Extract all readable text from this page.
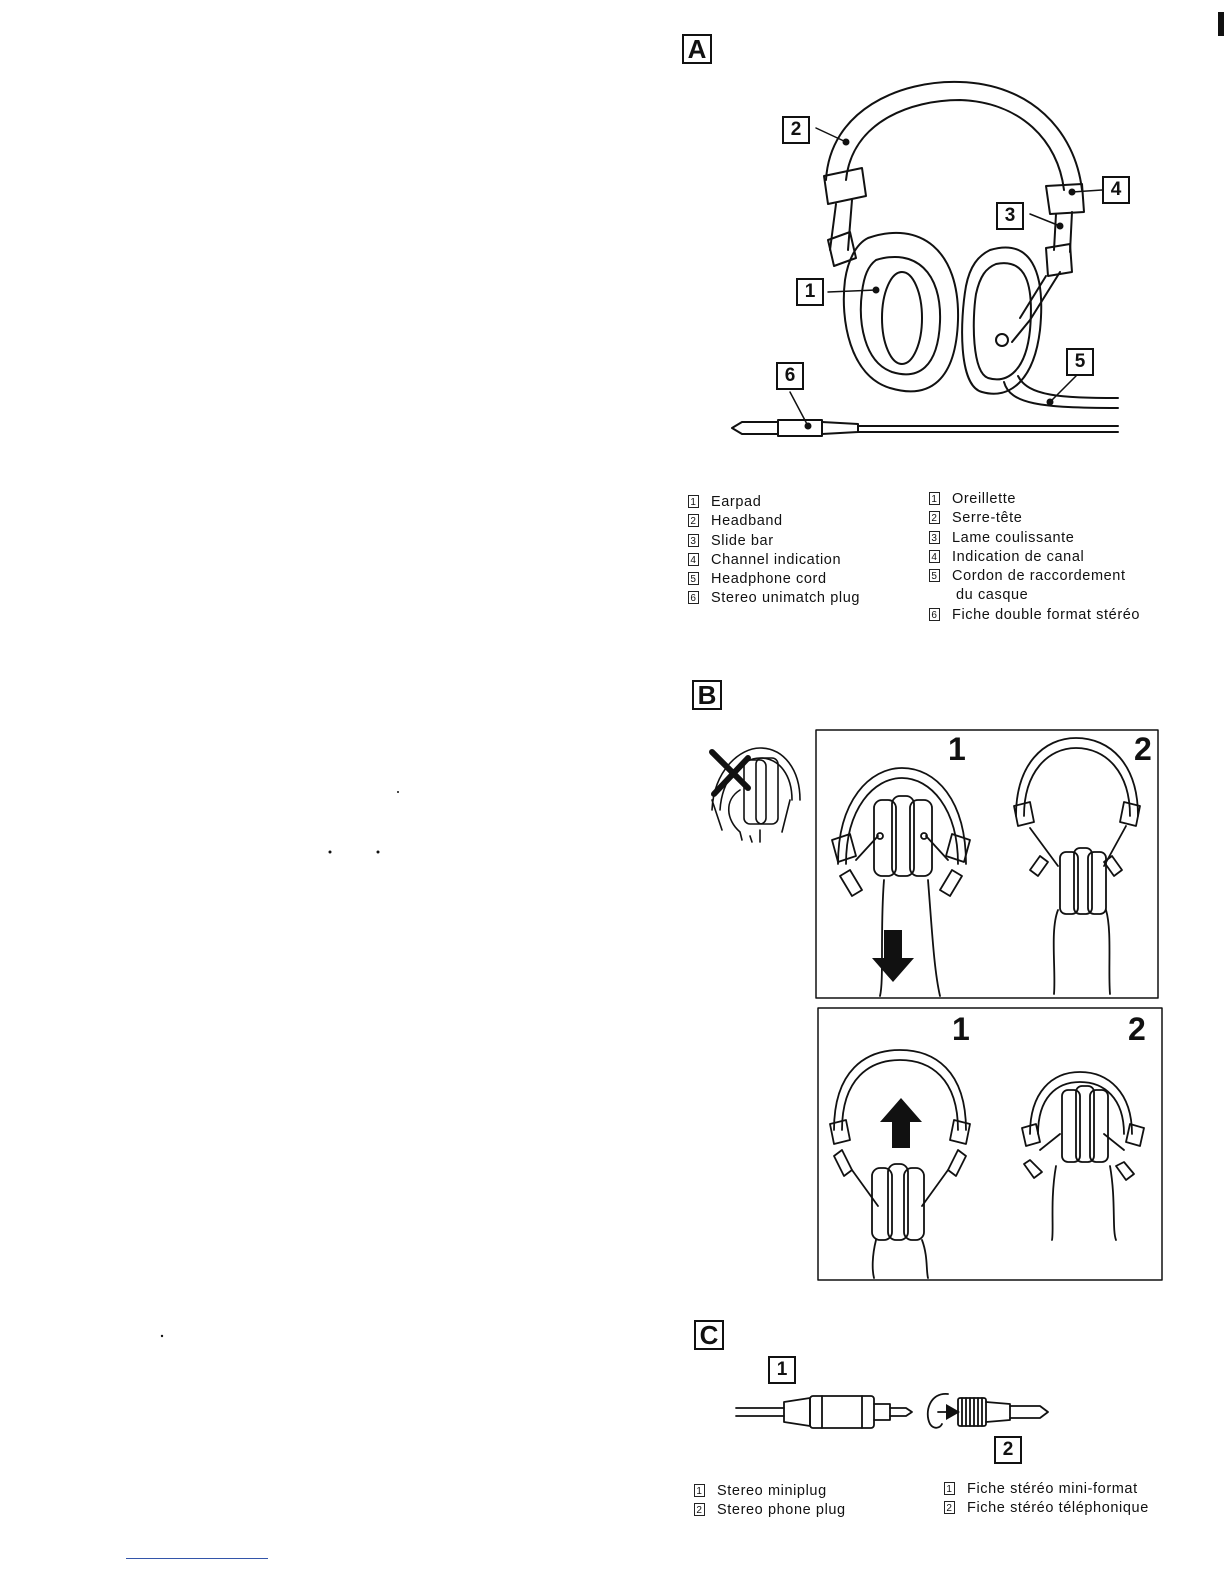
A
B
C
1	2
1	2
2
4
3
1
5
6
1 Earpad
2 Headband
3 Slide bar
4 Channel indication
5 Headphone cord
6 Stereo unimatch plug
1 Oreillette
2 Serre-tête
3 Lame coulissante
4 Indication de canal
5 Cordon de raccordement
du casque
6 Fiche double format stéréo
1
2
1 Stereo miniplug
2 Stereo phone plug
1 Fiche stéréo mini-format
2 Fiche stéréo téléphonique
